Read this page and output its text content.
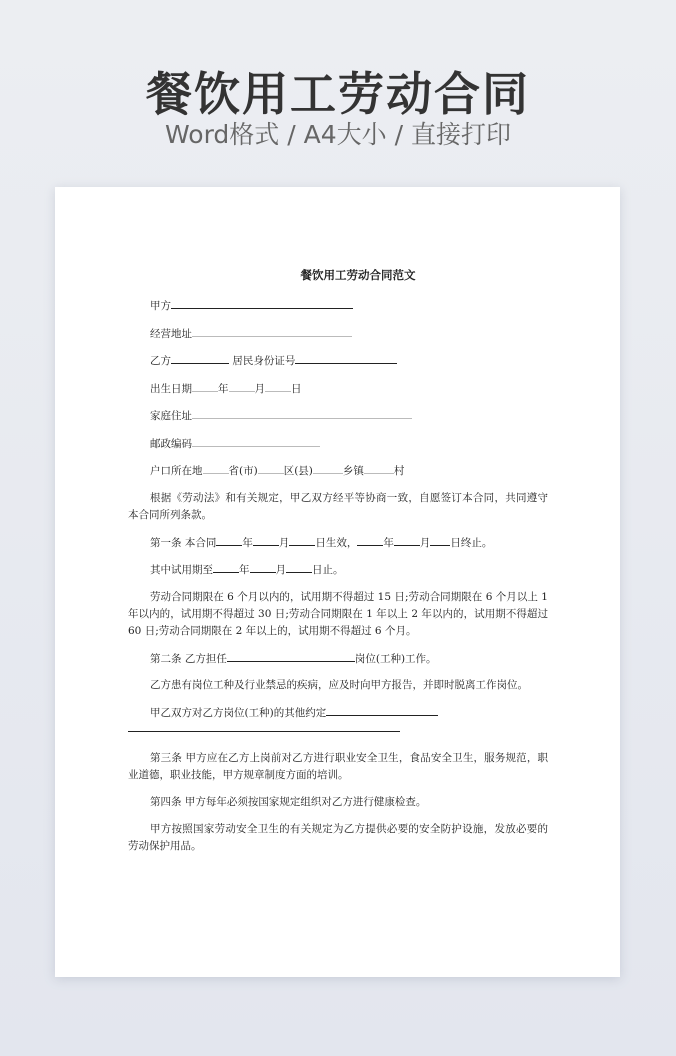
餐饮用工劳动合同
Word格式 / A4大小 / 直接打印
餐饮用工劳动合同范文
甲方
经营地址
乙方	居民身份证号
出生日期 年 月 日
家庭住址
邮政编码
户口所在地 省(市) 区(县)	乡镇	村
根据《劳动法》和有关规定，甲乙双方经平等协商一致，自愿签订本合同，共同遵守本合同所列条款。
第一条 本合同 年 月 日生效， 年 月 日终止。
其中试用期至 年 月 日止。
劳动合同期限在 6 个月以内的，试用期不得超过 15 日;劳动合同期限在 6 个月以上 1 年以内的，试用期不得超过 30 日;劳动合同期限在 1 年以上 2 年以内的，试用期不得超过 60 日;劳动合同期限在 2 年以上的，试用期不得超过 6 个月。
第二条 乙方担任	岗位(工种)工作。
乙方患有岗位工种及行业禁忌的疾病，应及时向甲方报告，并即时脱离工作岗位。
甲乙双方对乙方岗位(工种)的其他约定
第三条 甲方应在乙方上岗前对乙方进行职业安全卫生，食品安全卫生，服务规范，职业道德，职业技能，甲方规章制度方面的培训。
第四条 甲方每年必须按国家规定组织对乙方进行健康检查。
甲方按照国家劳动安全卫生的有关规定为乙方提供必要的安全防护设施，发放必要的劳动保护用品。
